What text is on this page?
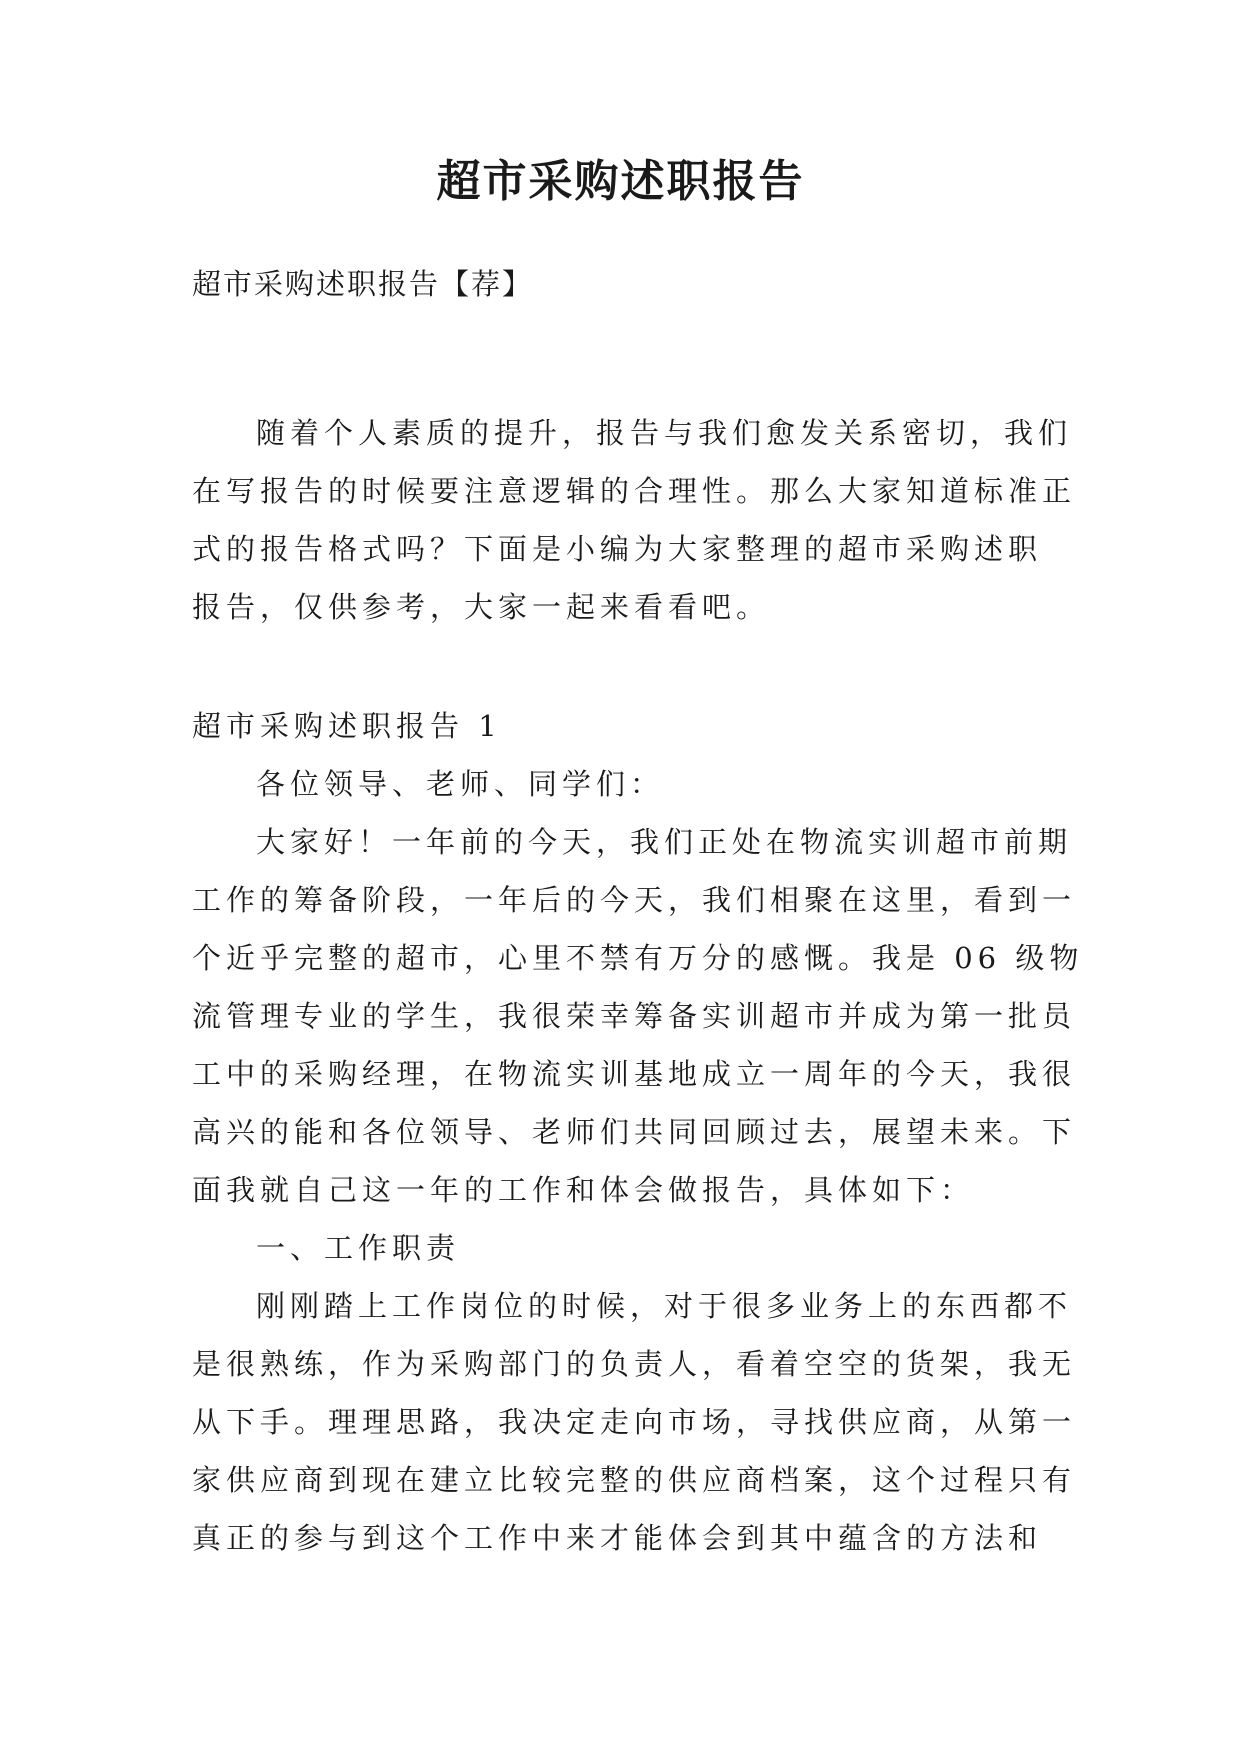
超市采购述职报告
超市采购述职报告【荐】
随着个人素质的提升，报告与我们愈发关系密切，我们
在写报告的时候要注意逻辑的合理性。那么大家知道标准正
式的报告格式吗？下面是小编为大家整理的超市采购述职
报告，仅供参考，大家一起来看看吧。
超市采购述职报告 1
各位领导、老师、同学们：
大家好！一年前的今天，我们正处在物流实训超市前期
工作的筹备阶段，一年后的今天，我们相聚在这里，看到一
个近乎完整的超市，心里不禁有万分的感慨。我是 06 级物
流管理专业的学生，我很荣幸筹备实训超市并成为第一批员
工中的采购经理，在物流实训基地成立一周年的今天，我很
高兴的能和各位领导、老师们共同回顾过去，展望未来。下
面我就自己这一年的工作和体会做报告，具体如下：
一、工作职责
刚刚踏上工作岗位的时候，对于很多业务上的东西都不
是很熟练，作为采购部门的负责人，看着空空的货架，我无
从下手。理理思路，我决定走向市场，寻找供应商，从第一
家供应商到现在建立比较完整的供应商档案，这个过程只有
真正的参与到这个工作中来才能体会到其中蕴含的方法和
